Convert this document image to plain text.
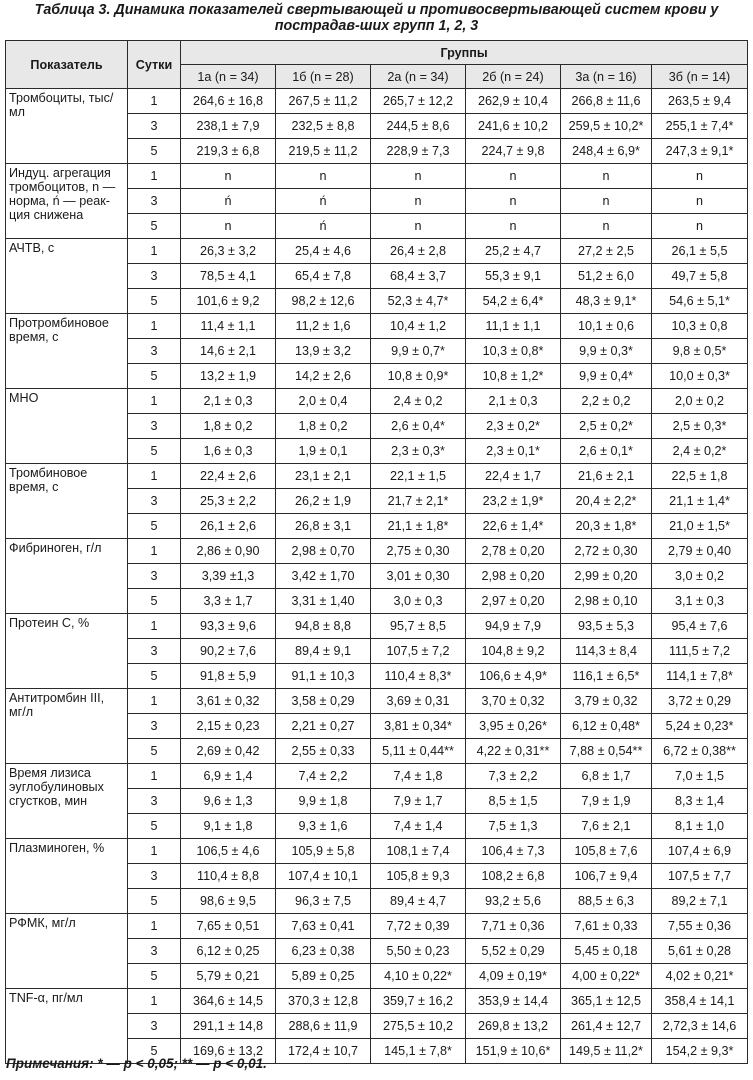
Таблица 3. Динамика показателей свертывающей и противосвертывающей систем крови у пострадав-ших групп 1, 2, 3
Показатель	Сутки	Группы					
		1а (n = 34)	1б (n = 28)	2а (n = 34)	2б (n = 24)	3а (n = 16)	3б (n = 14)
Тромбоциты, тыс/мл	1	264,6 ± 16,8	267,5 ± 11,2	265,7 ± 12,2	262,9 ± 10,4	266,8 ± 11,6	263,5 ± 9,4
	3	238,1 ± 7,9	232,5 ± 8,8	244,5 ± 8,6	241,6 ± 10,2	259,5 ± 10,2*	255,1 ± 7,4*
	5	219,3 ± 6,8	219,5 ± 11,2	228,9 ± 7,3	224,7 ± 9,8	248,4 ± 6,9*	247,3 ± 9,1*
Индуц. агрегация тромбоцитов, n — норма, ń — реак-ция снижена	1	n	n	n	n	n	n
	3	ń	ń	n	n	n	n
	5	n	ń	n	n	n	n
АЧТВ, с	1	26,3 ± 3,2	25,4 ± 4,6	26,4 ± 2,8	25,2 ± 4,7	27,2 ± 2,5	26,1 ± 5,5
	3	78,5 ± 4,1	65,4 ± 7,8	68,4 ± 3,7	55,3 ± 9,1	51,2 ± 6,0	49,7 ± 5,8
	5	101,6 ± 9,2	98,2 ± 12,6	52,3 ± 4,7*	54,2 ± 6,4*	48,3 ± 9,1*	54,6 ± 5,1*
Протромбиновое время, с	1	11,4 ± 1,1	11,2 ± 1,6	10,4 ± 1,2	11,1 ± 1,1	10,1 ± 0,6	10,3 ± 0,8
	3	14,6 ± 2,1	13,9 ± 3,2	9,9 ± 0,7*	10,3 ± 0,8*	9,9 ± 0,3*	9,8 ± 0,5*
	5	13,2 ± 1,9	14,2 ± 2,6	10,8 ± 0,9*	10,8 ± 1,2*	9,9 ± 0,4*	10,0 ± 0,3*
МНО	1	2,1 ± 0,3	2,0 ± 0,4	2,4 ± 0,2	2,1 ± 0,3	2,2 ± 0,2	2,0 ± 0,2
	3	1,8 ± 0,2	1,8 ± 0,2	2,6 ± 0,4*	2,3 ± 0,2*	2,5 ± 0,2*	2,5 ± 0,3*
	5	1,6 ± 0,3	1,9 ± 0,1	2,3 ± 0,3*	2,3 ± 0,1*	2,6 ± 0,1*	2,4 ± 0,2*
Тромбиновое время, с	1	22,4 ± 2,6	23,1 ± 2,1	22,1 ± 1,5	22,4 ± 1,7	21,6 ± 2,1	22,5 ± 1,8
	3	25,3 ± 2,2	26,2 ± 1,9	21,7 ± 2,1*	23,2 ± 1,9*	20,4 ± 2,2*	21,1 ± 1,4*
	5	26,1 ± 2,6	26,8 ± 3,1	21,1 ± 1,8*	22,6 ± 1,4*	20,3 ± 1,8*	21,0 ± 1,5*
Фибриноген, г/л	1	2,86 ± 0,90	2,98 ± 0,70	2,75 ± 0,30	2,78 ± 0,20	2,72 ± 0,30	2,79 ± 0,40
	3	3,39 ±1,3	3,42 ± 1,70	3,01 ± 0,30	2,98 ± 0,20	2,99 ± 0,20	3,0 ± 0,2
	5	3,3 ± 1,7	3,31 ± 1,40	3,0 ± 0,3	2,97 ± 0,20	2,98 ± 0,10	3,1 ± 0,3
Протеин С, %	1	93,3 ± 9,6	94,8 ± 8,8	95,7 ± 8,5	94,9 ± 7,9	93,5 ± 5,3	95,4 ± 7,6
	3	90,2 ± 7,6	89,4 ± 9,1	107,5 ± 7,2	104,8 ± 9,2	114,3 ± 8,4	111,5 ± 7,2
	5	91,8 ± 5,9	91,1 ± 10,3	110,4 ± 8,3*	106,6 ± 4,9*	116,1 ± 6,5*	114,1 ± 7,8*
Антитромбин III, мг/л	1	3,61 ± 0,32	3,58 ± 0,29	3,69 ± 0,31	3,70 ± 0,32	3,79 ± 0,32	3,72 ± 0,29
	3	2,15 ± 0,23	2,21 ± 0,27	3,81 ± 0,34*	3,95 ± 0,26*	6,12 ± 0,48*	5,24 ± 0,23*
	5	2,69 ± 0,42	2,55 ± 0,33	5,11 ± 0,44**	4,22 ± 0,31**	7,88 ± 0,54**	6,72 ± 0,38**
Время лизиса эуглобулиновых сгустков, мин	1	6,9 ± 1,4	7,4 ± 2,2	7,4 ± 1,8	7,3 ± 2,2	6,8 ± 1,7	7,0 ± 1,5
	3	9,6 ± 1,3	9,9 ± 1,8	7,9 ± 1,7	8,5 ± 1,5	7,9 ± 1,9	8,3 ± 1,4
	5	9,1 ± 1,8	9,3 ± 1,6	7,4 ± 1,4	7,5 ± 1,3	7,6 ± 2,1	8,1 ± 1,0
Плазминоген, %	1	106,5 ± 4,6	105,9 ± 5,8	108,1 ± 7,4	106,4 ± 7,3	105,8 ± 7,6	107,4 ± 6,9
	3	110,4 ± 8,8	107,4 ± 10,1	105,8 ± 9,3	108,2 ± 6,8	106,7 ± 9,4	107,5 ± 7,7
	5	98,6 ± 9,5	96,3 ± 7,5	89,4 ± 4,7	93,2 ± 5,6	88,5 ± 6,3	89,2 ± 7,1
РФМК, мг/л	1	7,65 ± 0,51	7,63 ± 0,41	7,72 ± 0,39	7,71 ± 0,36	7,61 ± 0,33	7,55 ± 0,36
	3	6,12 ± 0,25	6,23 ± 0,38	5,50 ± 0,23	5,52 ± 0,29	5,45 ± 0,18	5,61 ± 0,28
	5	5,79 ± 0,21	5,89 ± 0,25	4,10 ± 0,22*	4,09 ± 0,19*	4,00 ± 0,22*	4,02 ± 0,21*
TNF-α, пг/мл	1	364,6 ± 14,5	370,3 ± 12,8	359,7 ± 16,2	353,9 ± 14,4	365,1 ± 12,5	358,4 ± 14,1
	3	291,1 ± 14,8	288,6 ± 11,9	275,5 ± 10,2	269,8 ± 13,2	261,4 ± 12,7	2,72,3 ± 14,6
	5	169,6 ± 13,2	172,4 ± 10,7	145,1 ± 7,8*	151,9 ± 10,6*	149,5 ± 11,2*	154,2 ± 9,3*
Примечания: * — p < 0,05; ** — p < 0,01.
